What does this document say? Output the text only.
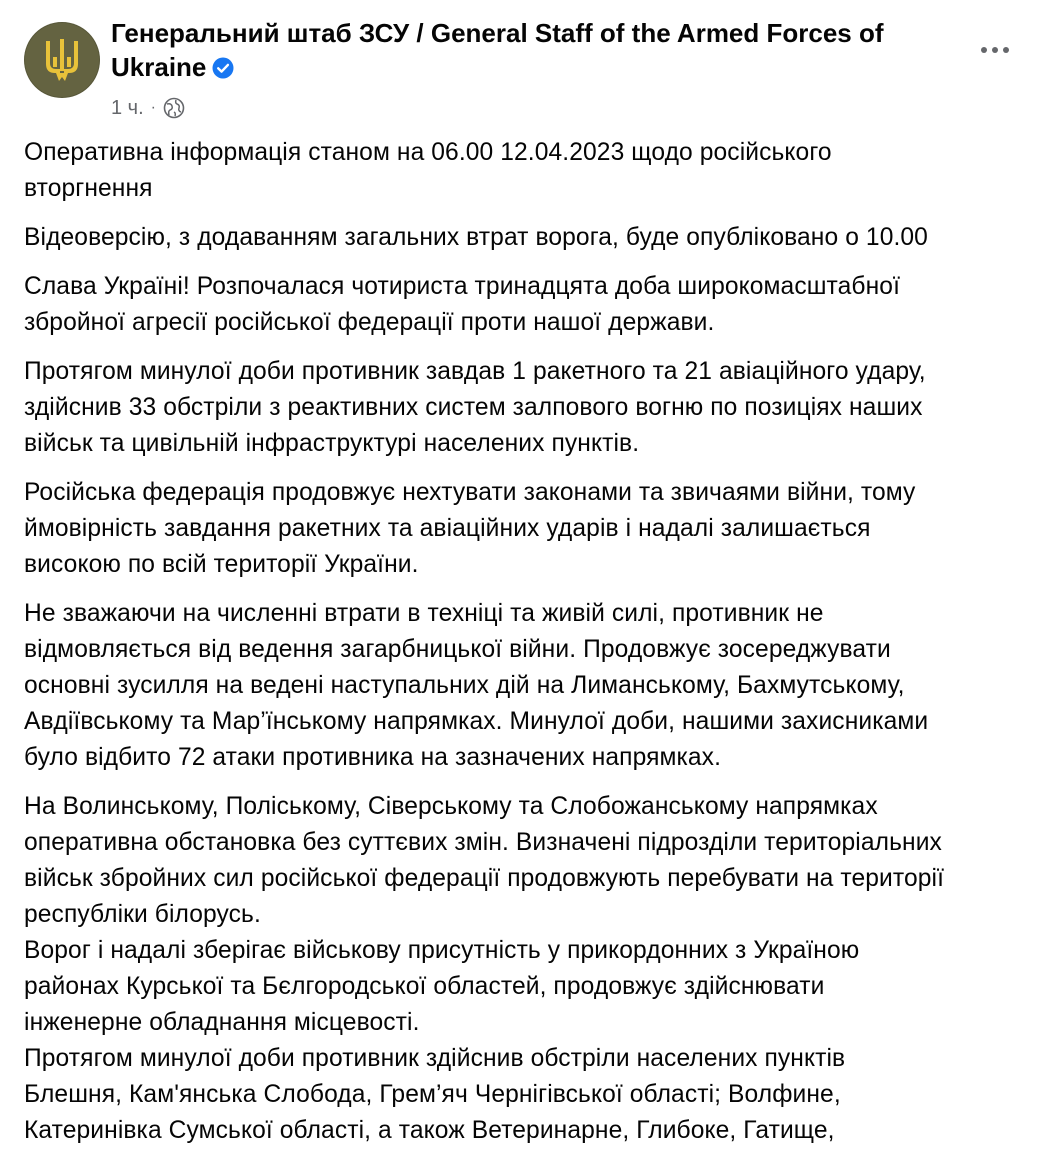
Генеральний штаб ЗСУ / General Staff of the Armed Forces of Ukraine
1 ч. ·

Оперативна інформація станом на 06.00 12.04.2023 щодо російського
вторгнення

Відеоверсію, з додаванням загальних втрат ворога, буде опубліковано о 10.00

Слава Україні! Розпочалася чотириста тринадцята доба широкомасштабної
збройної агресії російської федерації проти нашої держави.

Протягом минулої доби противник завдав 1 ракетного та 21 авіаційного удару,
здійснив 33 обстріли з реактивних систем залпового вогню по позиціях наших
військ та цивільній інфраструктурі населених пунктів.

Російська федерація продовжує нехтувати законами та звичаями війни, тому
ймовірність завдання ракетних та авіаційних ударів і надалі залишається
високою по всій території України.

Не зважаючи на численні втрати в техніці та живій силі, противник не
відмовляється від ведення загарбницької війни. Продовжує зосереджувати
основні зусилля на ведені наступальних дій на Лиманському, Бахмутському,
Авдіївському та Мар’їнському напрямках. Минулої доби, нашими захисниками
було відбито 72 атаки противника на зазначених напрямках.

На Волинському, Поліському, Сіверському та Слобожанському напрямках
оперативна обстановка без суттєвих змін. Визначені підрозділи територіальних
військ збройних сил російської федерації продовжують перебувати на території
республіки білорусь.

Ворог і надалі зберігає військову присутність у прикордонних з Україною
районах Курської та Бєлгородської областей, продовжує здійснювати
інженерне обладнання місцевості.

Протягом минулої доби противник здійснив обстріли населених пунктів
Блешня, Кам'янська Слобода, Грем’яч Чернігівської області; Волфине,
Катеринівка Сумської області, а також Ветеринарне, Глибоке, Гатище,
